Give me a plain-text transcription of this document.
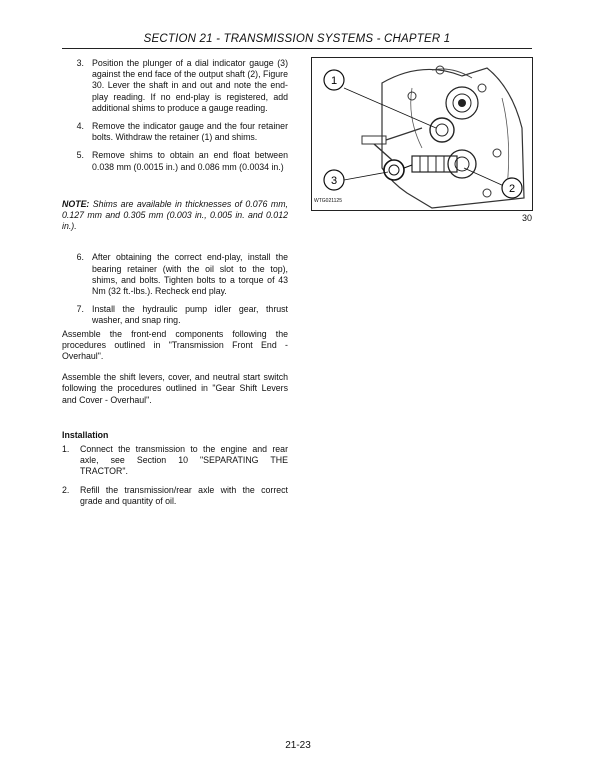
SECTION 21 - TRANSMISSION SYSTEMS - CHAPTER 1
3. Position the plunger of a dial indicator gauge (3) against the end face of the output shaft (2), Figure 30. Lever the shaft in and out and note the end-play reading. If no end-play is registered, add additional shims to produce a gauge reading.
4. Remove the indicator gauge and the four retainer bolts. Withdraw the retainer (1) and shims.
5. Remove shims to obtain an end float between 0.038 mm (0.0015 in.) and 0.086 mm (0.0034 in.)
NOTE: Shims are available in thicknesses of 0.076 mm, 0.127 mm and 0.305 mm (0.003 in., 0.005 in. and 0.012 in.).
6. After obtaining the correct end-play, install the bearing retainer (with the oil slot to the top), shims, and bolts. Tighten bolts to a torque of 43 Nm (32 ft.-lbs.). Recheck end play.
7. Install the hydraulic pump idler gear, thrust washer, and snap ring.
Assemble the front-end components following the procedures outlined in "Transmission Front End - Overhaul".
Assemble the shift levers, cover, and neutral start switch following the procedures outlined in "Gear Shift Levers and Cover - Overhaul".
Installation
1.	Connect the transmission to the engine and rear axle, see Section 10 "SEPARATING THE TRACTOR".
2.	Refill the transmission/rear axle with the correct grade and quantity of oil.
1
2
3
WTG021125
30
21-23
